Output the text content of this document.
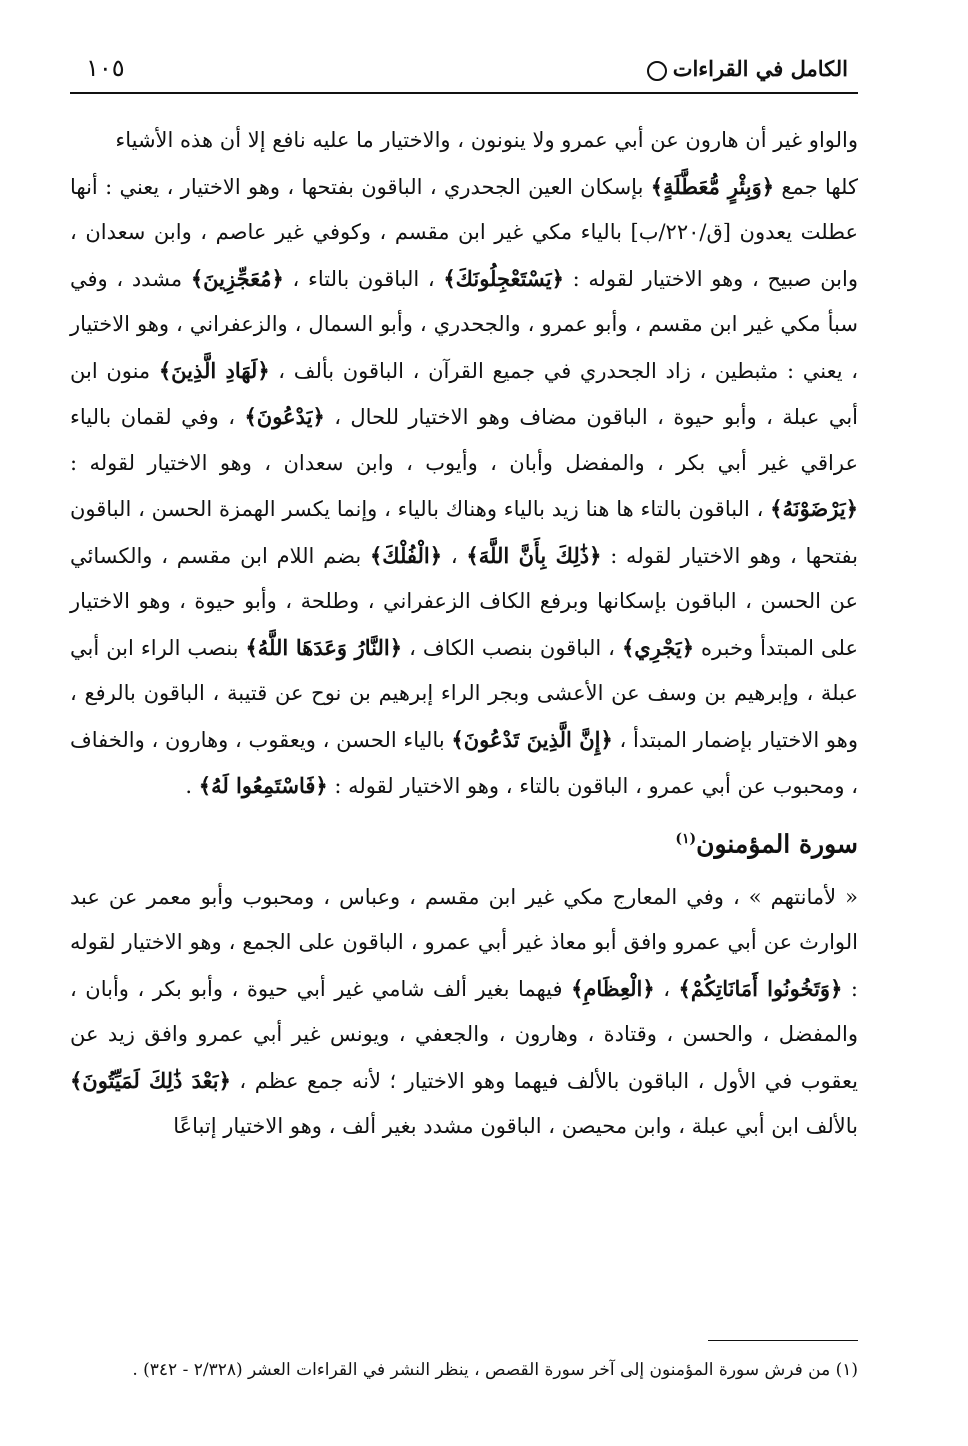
الكامل في القراءات
١٠٥

والواو غير أن هارون عن أبي عمرو ولا ينونون ، والاختيار ما عليه نافع إلا أن هذه الأشياء
كلها جمع ﴿وَبِئْرٍ مُّعَطَّلَةٍ﴾ بإسكان العين الجحدري ، الباقون بفتحها ، وهو الاختيار ، يعني : أنها عطلت يعدون [ق/٢٢٠/ب] بالياء مكي غير ابن مقسم ، وكوفي غير عاصم ، وابن سعدان ، وابن صبيح ، وهو الاختيار لقوله : ﴿يَسْتَعْجِلُونَكَ﴾ ، الباقون بالتاء ، ﴿مُعَجِّزِينَ﴾ مشدد ، وفي سبأ مكي غير ابن مقسم ، وأبو عمرو ، والجحدري ، وأبو السمال ، والزعفراني ، وهو الاختيار ، يعني : مثبطين ، زاد الجحدري في جميع القرآن ، الباقون بألف ، ﴿لَهَادِ الَّذِينَ﴾ منون ابن أبي عبلة ، وأبو حيوة ، الباقون مضاف وهو الاختيار للحال ، ﴿يَدْعُونَ﴾ ، وفي لقمان بالياء عراقي غير أبي بكر ، والمفضل وأبان ، وأيوب ، وابن سعدان ، وهو الاختيار لقوله : ﴿يَرْضَوْنَهُ﴾ ، الباقون بالتاء ها هنا زيد بالياء وهناك بالياء ، وإنما يكسر الهمزة الحسن ، الباقون بفتحها ، وهو الاختيار لقوله : ﴿ذَٰلِكَ بِأَنَّ اللَّهَ﴾ ، ﴿الْفُلْكَ﴾ بضم اللام ابن مقسم ، والكسائي عن الحسن ، الباقون بإسكانها وبرفع الكاف الزعفراني ، وطلحة ، وأبو حيوة ، وهو الاختيار على المبتدأ وخبره ﴿يَجْرِي﴾ ، الباقون بنصب الكاف ، ﴿النَّارُ وَعَدَهَا اللَّهُ﴾ بنصب الراء ابن أبي عبلة ، وإبرهيم بن وسف عن الأعشى وبجر الراء إبرهيم بن نوح عن قتيبة ، الباقون بالرفع ، وهو الاختيار بإضمار المبتدأ ، ﴿إِنَّ الَّذِينَ تَدْعُونَ﴾ بالياء الحسن ، ويعقوب ، وهارون ، والخفاف ، ومحبوب عن أبي عمرو ، الباقون بالتاء ، وهو الاختيار لقوله : ﴿فَاسْتَمِعُوا لَهُ﴾ .

سورة المؤمنون$^{(١)}$

« لأمانتهم » ، وفي المعارج مكي غير ابن مقسم ، وعباس ، ومحبوب وأبو معمر عن عبد الوارث عن أبي عمرو وافق أبو معاذ غير أبي عمرو ، الباقون على الجمع ، وهو الاختيار لقوله : ﴿وَتَخُونُوا أَمَانَاتِكُمْ﴾ ، ﴿الْعِظَامِ﴾ فيهما بغير ألف شامي غير أبي حيوة ، وأبو بكر ، وأبان ، والمفضل ، والحسن ، وقتادة ، وهارون ، والجعفي ، ويونس غير أبي عمرو وافق زيد عن يعقوب في الأول ، الباقون بالألف فيهما وهو الاختيار ؛ لأنه جمع عظم ، ﴿بَعْدَ ذَٰلِكَ لَمَيِّتُونَ﴾ بالألف ابن أبي عبلة ، وابن محيصن ، الباقون مشدد بغير ألف ، وهو الاختيار إتباعًا

(١) من فرش سورة المؤمنون إلى آخر سورة القصص ، ينظر النشر في القراءات العشر (٢/٣٢٨ - ٣٤٢) .
